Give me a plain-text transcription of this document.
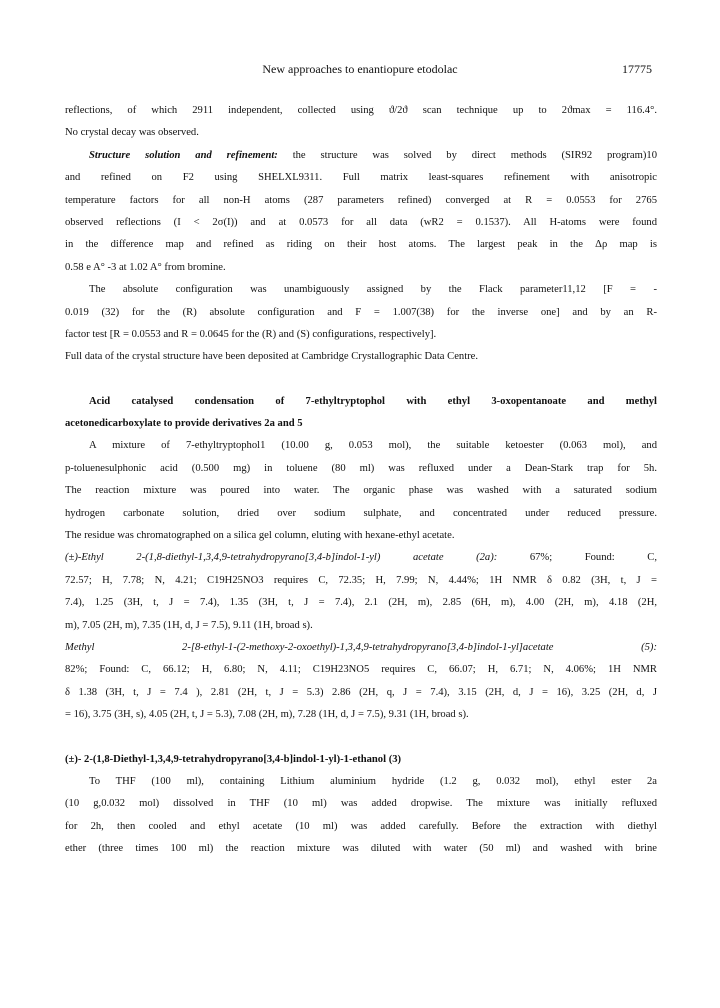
New approaches to enantiopure etodolac	17775
reflections, of which 2911 independent, collected using ϑ/2ϑ scan technique up to 2ϑmax = 116.4°.
No crystal decay was observed.
Structure solution and refinement: the structure was solved by direct methods (SIR92 program)10
and refined on F2 using SHELXL9311. Full matrix least-squares refinement with anisotropic
temperature factors for all non-H atoms (287 parameters refined) converged at R = 0.0553 for 2765
observed reflections (I < 2σ(I)) and at 0.0573 for all data (wR2 = 0.1537). All H-atoms were found
in the difference map and refined as riding on their host atoms. The largest peak in the Δρ map is
0.58 e A° -3 at 1.02 A° from bromine.
The absolute configuration was unambiguously assigned by the Flack parameter11,12 [F = -
0.019 (32) for the (R) absolute configuration and F = 1.007(38) for the inverse one] and by an R-
factor test [R = 0.0553 and R = 0.0645 for the (R) and (S) configurations, respectively].
Full data of the crystal structure have been deposited at Cambridge Crystallographic Data Centre.
Acid catalysed condensation of 7-ethyltryptophol with ethyl 3-oxopentanoate and methyl
acetonedicarboxylate to provide derivatives 2a and 5
A mixture of 7-ethyltryptophol1 (10.00 g, 0.053 mol), the suitable ketoester (0.063 mol), and
p-toluenesulphonic acid (0.500 mg) in toluene (80 ml) was refluxed under a Dean-Stark trap for 5h.
The reaction mixture was poured into water. The organic phase was washed with a saturated sodium
hydrogen carbonate solution, dried over sodium sulphate, and concentrated under reduced pressure.
The residue was chromatographed on a silica gel column, eluting with hexane-ethyl acetate.
(±)-Ethyl 2-(1,8-diethyl-1,3,4,9-tetrahydropyrano[3,4-b]indol-1-yl) acetate (2a): 67%; Found: C,
72.57; H, 7.78; N, 4.21; C19H25NO3 requires C, 72.35; H, 7.99; N, 4.44%; 1H NMR δ 0.82 (3H, t, J =
7.4), 1.25 (3H, t, J = 7.4), 1.35 (3H, t, J = 7.4), 2.1 (2H, m), 2.85 (6H, m), 4.00 (2H, m), 4.18 (2H,
m), 7.05 (2H, m), 7.35 (1H, d, J = 7.5), 9.11 (1H, broad s).
Methyl 2-[8-ethyl-1-(2-methoxy-2-oxoethyl)-1,3,4,9-tetrahydropyrano[3,4-b]indol-1-yl]acetate (5):
82%; Found: C, 66.12; H, 6.80; N, 4.11; C19H23NO5 requires C, 66.07; H, 6.71; N, 4.06%; 1H NMR
δ 1.38 (3H, t, J = 7.4 ), 2.81 (2H, t, J = 5.3) 2.86 (2H, q, J = 7.4), 3.15 (2H, d, J = 16), 3.25 (2H, d, J
= 16), 3.75 (3H, s), 4.05 (2H, t, J = 5.3), 7.08 (2H, m), 7.28 (1H, d, J = 7.5), 9.31 (1H, broad s).
(±)- 2-(1,8-Diethyl-1,3,4,9-tetrahydropyrano[3,4-b]indol-1-yl)-1-ethanol (3)
To THF (100 ml), containing Lithium aluminium hydride (1.2 g, 0.032 mol), ethyl ester 2a
(10 g,0.032 mol) dissolved in THF (10 ml) was added dropwise. The mixture was initially refluxed
for 2h, then cooled and ethyl acetate (10 ml) was added carefully. Before the extraction with diethyl
ether (three times 100 ml) the reaction mixture was diluted with water (50 ml) and washed with brine
